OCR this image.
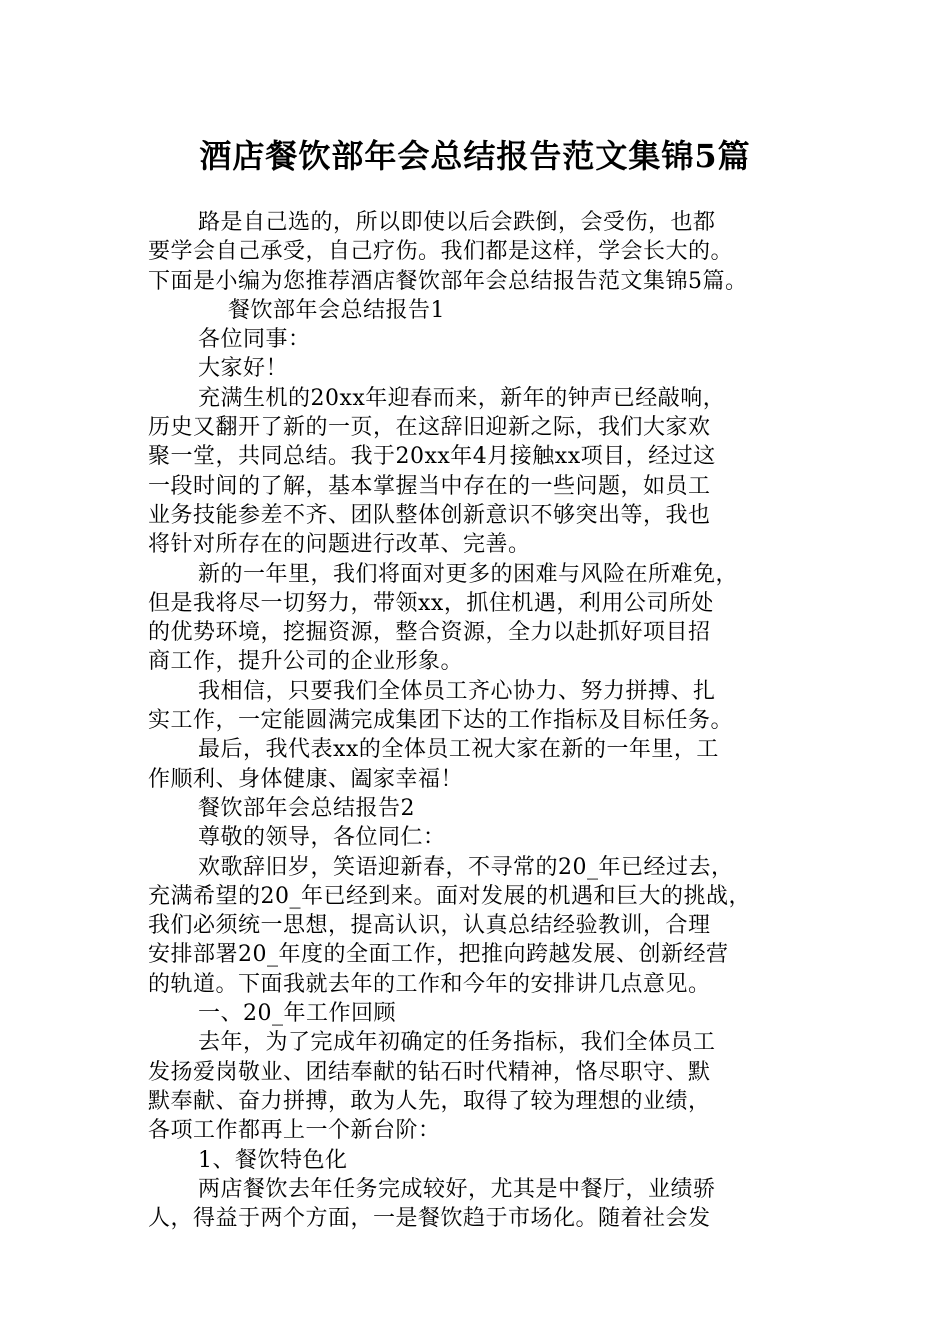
酒店餐饮部年会总结报告范文集锦5篇
路是自己选的，所以即使以后会跌倒，会受伤，也都
要学会自己承受，自己疗伤。我们都是这样，学会长大的。
下面是小编为您推荐酒店餐饮部年会总结报告范文集锦5篇。
餐饮部年会总结报告1
各位同事：
大家好！
充满生机的20xx年迎春而来，新年的钟声已经敲响，
历史又翻开了新的一页，在这辞旧迎新之际，我们大家欢
聚一堂，共同总结。我于20xx年4月接触xx项目，经过这
一段时间的了解，基本掌握当中存在的一些问题，如员工
业务技能参差不齐、团队整体创新意识不够突出等，我也
将针对所存在的问题进行改革、完善。
新的一年里，我们将面对更多的困难与风险在所难免，
但是我将尽一切努力，带领xx，抓住机遇，利用公司所处
的优势环境，挖掘资源，整合资源，全力以赴抓好项目招
商工作，提升公司的企业形象。
我相信，只要我们全体员工齐心协力、努力拼搏、扎
实工作，一定能圆满完成集团下达的工作指标及目标任务。
最后，我代表xx的全体员工祝大家在新的一年里，工
作顺利、身体健康、阖家幸福！
餐饮部年会总结报告2
尊敬的领导，各位同仁：
欢歌辞旧岁，笑语迎新春，不寻常的20_年已经过去，
充满希望的20_年已经到来。面对发展的机遇和巨大的挑战，
我们必须统一思想，提高认识，认真总结经验教训，合理
安排部署20_年度的全面工作，把推向跨越发展、创新经营
的轨道。下面我就去年的工作和今年的安排讲几点意见。
一、20_年工作回顾
去年，为了完成年初确定的任务指标，我们全体员工
发扬爱岗敬业、团结奉献的钻石时代精神，恪尽职守、默
默奉献、奋力拼搏，敢为人先，取得了较为理想的业绩，
各项工作都再上一个新台阶：
1、餐饮特色化
两店餐饮去年任务完成较好，尤其是中餐厅，业绩骄
人，得益于两个方面，一是餐饮趋于市场化。随着社会发
